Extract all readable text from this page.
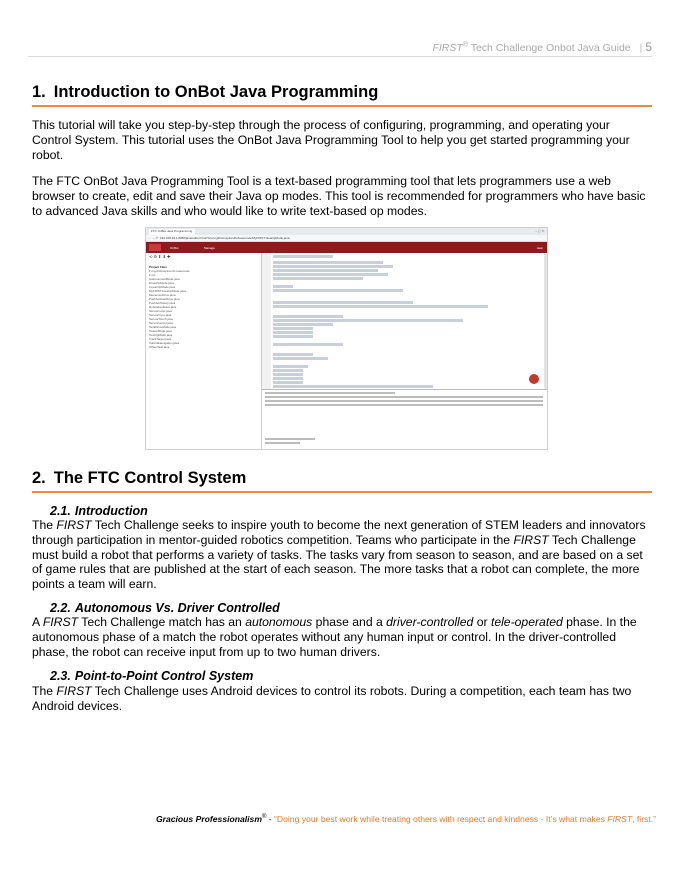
FIRST® Tech Challenge Onbot Java Guide | 5
1. Introduction to OnBot Java Programming
This tutorial will take you step-by-step through the process of configuring, programming, and operating your Control System. This tutorial uses the OnBot Java Programming Tool to help you get started programming your robot.
The FTC OnBot Java Programming Tool is a text-based programming tool that lets programmers use a web browser to create, edit and save their Java op modes. This tool is recommended for programmers who have basic to advanced Java skills and who would like to write text-based op modes.
FTC OnBot Java Programming	– ▢ ✕
← → ⟳ 192.168.49.1:8080/java/editor.html?/src/org/firstinspires/ftc/teamcode/MyFIRSTJavaOpMode.java
OnBot	Manage	Help
⟲ ⚙ ⬆ ⬇ ✚
Project Files
▾ org.firstinspires.ftc.teamcode
▾ src
AutonomousMode.java
DriveOpMode.java
LinearOpMode.java
MyFIRSTJavaOpMode.java
MecanumDrive.java
PushbotAutoDrive.java
PushbotTeleop.java
RobotHardware.java
SensorColor.java
SensorGyro.java
SensorTouch.java
ServoControl.java
TankDriveMode.java
TeleopMode.java
TestOpMode.java
TrackTarget.java
VuforiaNavigation.java
WheelTest.java
2. The FTC Control System
2.1. Introduction
The FIRST Tech Challenge seeks to inspire youth to become the next generation of STEM leaders and innovators through participation in mentor-guided robotics competition. Teams who participate in the FIRST Tech Challenge must build a robot that performs a variety of tasks. The tasks vary from season to season, and are based on a set of game rules that are published at the start of each season. The more tasks that a robot can complete, the more points a team will earn.
2.2. Autonomous Vs. Driver Controlled
A FIRST Tech Challenge match has an autonomous phase and a driver-controlled or tele-operated phase. In the autonomous phase of a match the robot operates without any human input or control. In the driver-controlled phase, the robot can receive input from up to two human drivers.
2.3. Point-to-Point Control System
The FIRST Tech Challenge uses Android devices to control its robots. During a competition, each team has two Android devices.
Gracious Professionalism® - “Doing your best work while treating others with respect and kindness - It’s what makes FIRST, first.”
